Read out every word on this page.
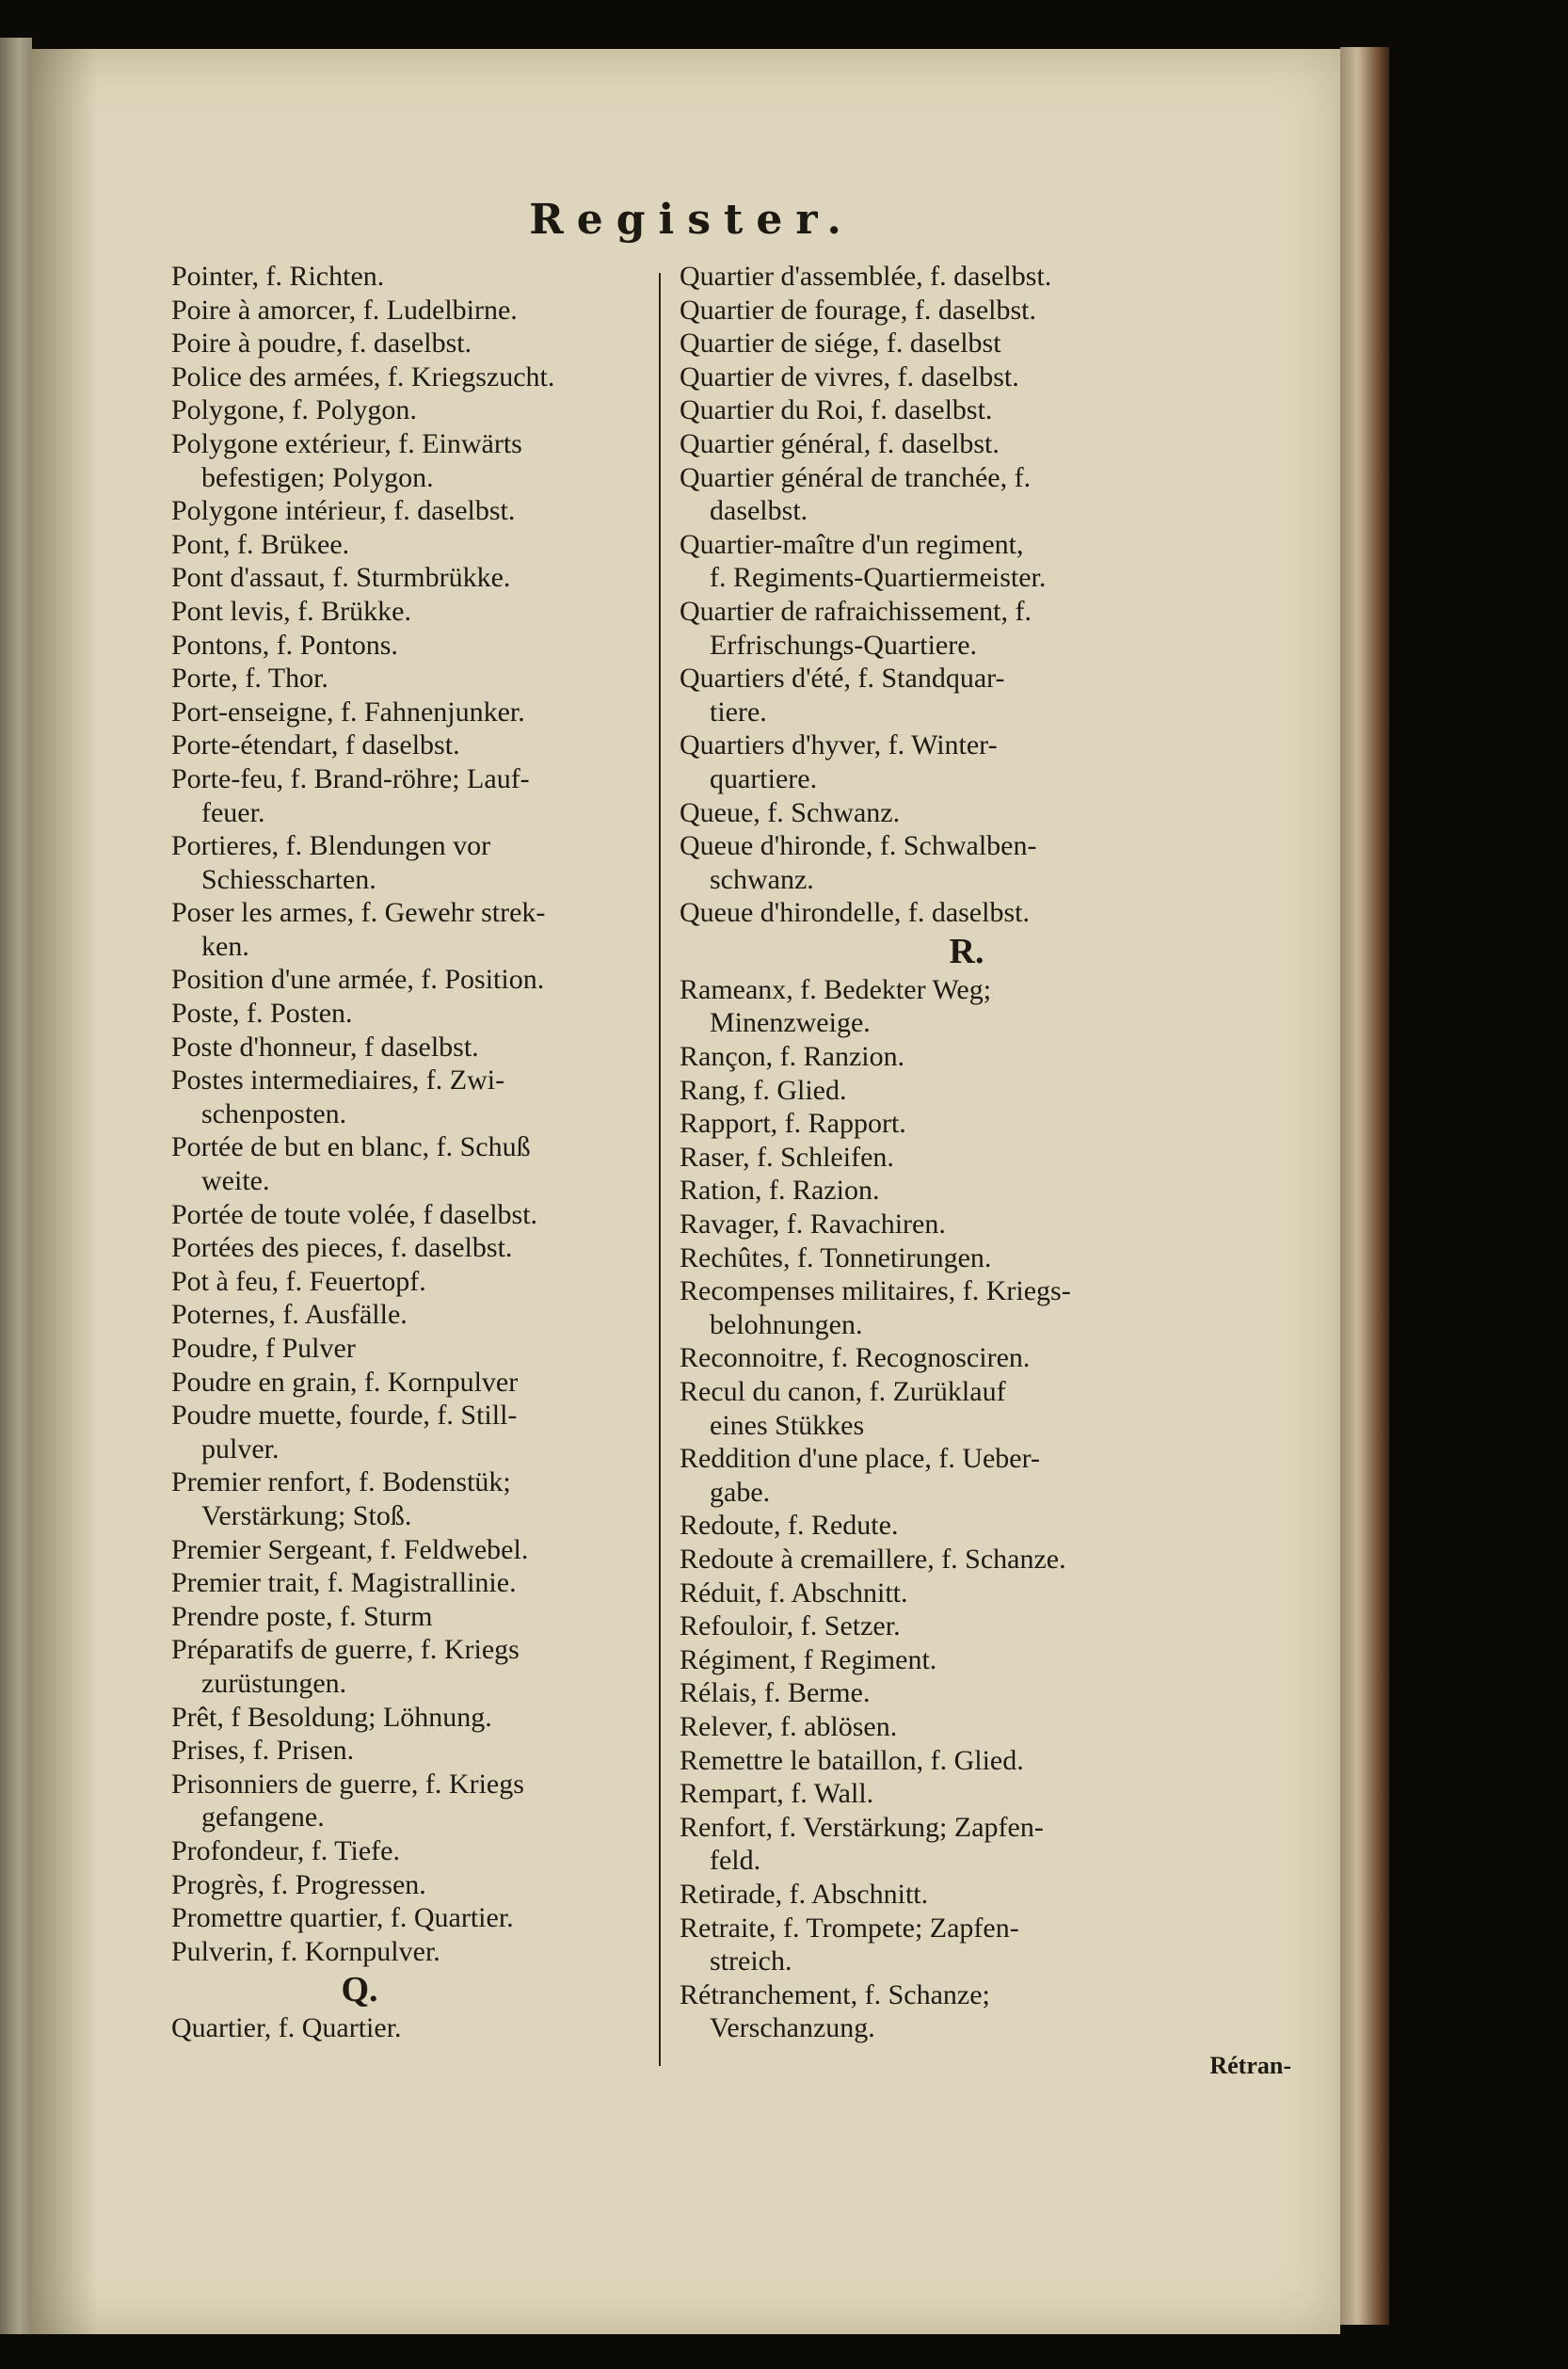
Register.
Pointer, f. Richten.
Poire à amorcer, f. Ludelbirne.
Poire à poudre, f. daselbst.
Police des armées, f. Kriegszucht.
Polygone, f. Polygon.
Polygone extérieur, f. Einwärts
befestigen; Polygon.
Polygone intérieur, f. daselbst.
Pont, f. Brükee.
Pont d'assaut, f. Sturmbrükke.
Pont levis, f. Brükke.
Pontons, f. Pontons.
Porte, f. Thor.
Port-enseigne, f. Fahnenjunker.
Porte-étendart, f daselbst.
Porte-feu, f. Brand-röhre; Lauf-
feuer.
Portieres, f. Blendungen vor
Schiesscharten.
Poser les armes, f. Gewehr strek-
ken.
Position d'une armée, f. Position.
Poste, f. Posten.
Poste d'honneur, f daselbst.
Postes intermediaires, f. Zwi-
schenposten.
Portée de but en blanc, f. Schuß
weite.
Portée de toute volée, f daselbst.
Portées des pieces, f. daselbst.
Pot à feu, f. Feuertopf.
Poternes, f. Ausfälle.
Poudre, f Pulver
Poudre en grain, f. Kornpulver
Poudre muette, fourde, f. Still-
pulver.
Premier renfort, f. Bodenstük;
Verstärkung; Stoß.
Premier Sergeant, f. Feldwebel.
Premier trait, f. Magistrallinie.
Prendre poste, f. Sturm
Préparatifs de guerre, f. Kriegs
zurüstungen.
Prêt, f Besoldung; Löhnung.
Prises, f. Prisen.
Prisonniers de guerre, f. Kriegs
gefangene.
Profondeur, f. Tiefe.
Progrès, f. Progressen.
Promettre quartier, f. Quartier.
Pulverin, f. Kornpulver.
Q.
Quartier, f. Quartier.
Quartier d'assemblée, f. daselbst.
Quartier de fourage, f. daselbst.
Quartier de siége, f. daselbst
Quartier de vivres, f. daselbst.
Quartier du Roi, f. daselbst.
Quartier général, f. daselbst.
Quartier général de tranchée, f.
daselbst.
Quartier-maître d'un regiment,
f. Regiments-Quartiermeister.
Quartier de rafraichissement, f.
Erfrischungs-Quartiere.
Quartiers d'été, f. Standquar-
tiere.
Quartiers d'hyver, f. Winter-
quartiere.
Queue, f. Schwanz.
Queue d'hironde, f. Schwalben-
schwanz.
Queue d'hirondelle, f. daselbst.
R.
Rameanx, f. Bedekter Weg;
Minenzweige.
Rançon, f. Ranzion.
Rang, f. Glied.
Rapport, f. Rapport.
Raser, f. Schleifen.
Ration, f. Razion.
Ravager, f. Ravachiren.
Rechûtes, f. Tonnetirungen.
Recompenses militaires, f. Kriegs-
belohnungen.
Reconnoitre, f. Recognosciren.
Recul du canon, f. Zurüklauf
eines Stükkes
Reddition d'une place, f. Ueber-
gabe.
Redoute, f. Redute.
Redoute à cremaillere, f. Schanze.
Réduit, f. Abschnitt.
Refouloir, f. Setzer.
Régiment, f Regiment.
Rélais, f. Berme.
Relever, f. ablösen.
Remettre le bataillon, f. Glied.
Rempart, f. Wall.
Renfort, f. Verstärkung; Zapfen-
feld.
Retirade, f. Abschnitt.
Retraite, f. Trompete; Zapfen-
streich.
Rétranchement, f. Schanze;
Verschanzung.
Rétran-
